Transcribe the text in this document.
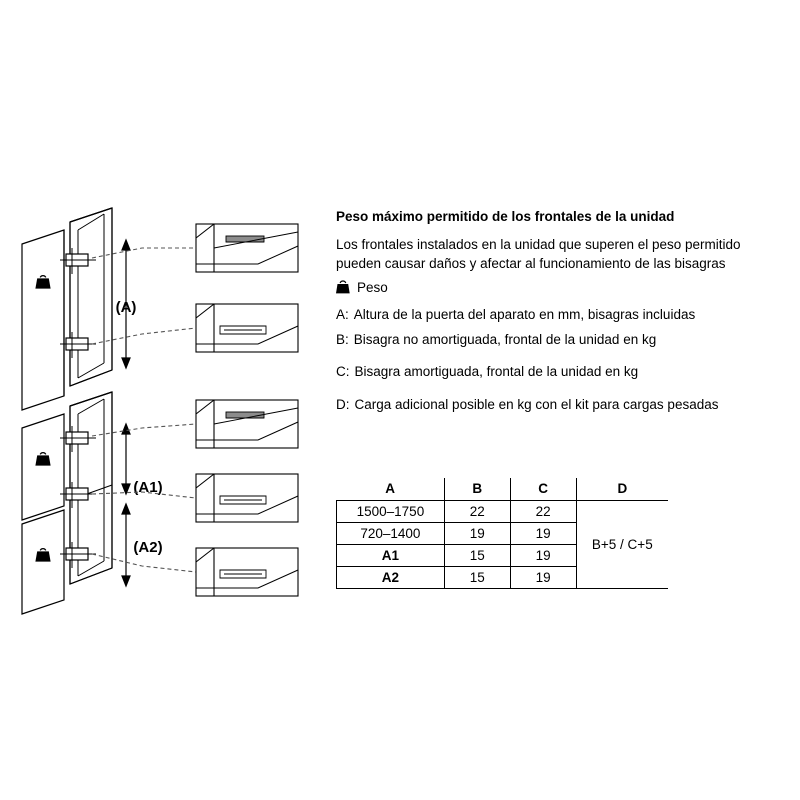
(A)
(A1)
(A2)
Peso máximo permitido de los frontales de la unidad
Los frontales instalados en la unidad que superen el peso permitido pueden causar daños y afectar al funcionamiento de las bisagras
Peso
A: Altura de la puerta del aparato en mm, bisagras incluidas
B: Bisagra no amortiguada, frontal de la unidad en kg
C: Bisagra amortiguada, frontal de la unidad en kg
D: Carga adicional posible en kg con el kit para cargas pesadas
A	B	C	D
1500–1750	22	22	B+5 / C+5
720–1400	19	19	
A1	15	19	
A2	15	19	
